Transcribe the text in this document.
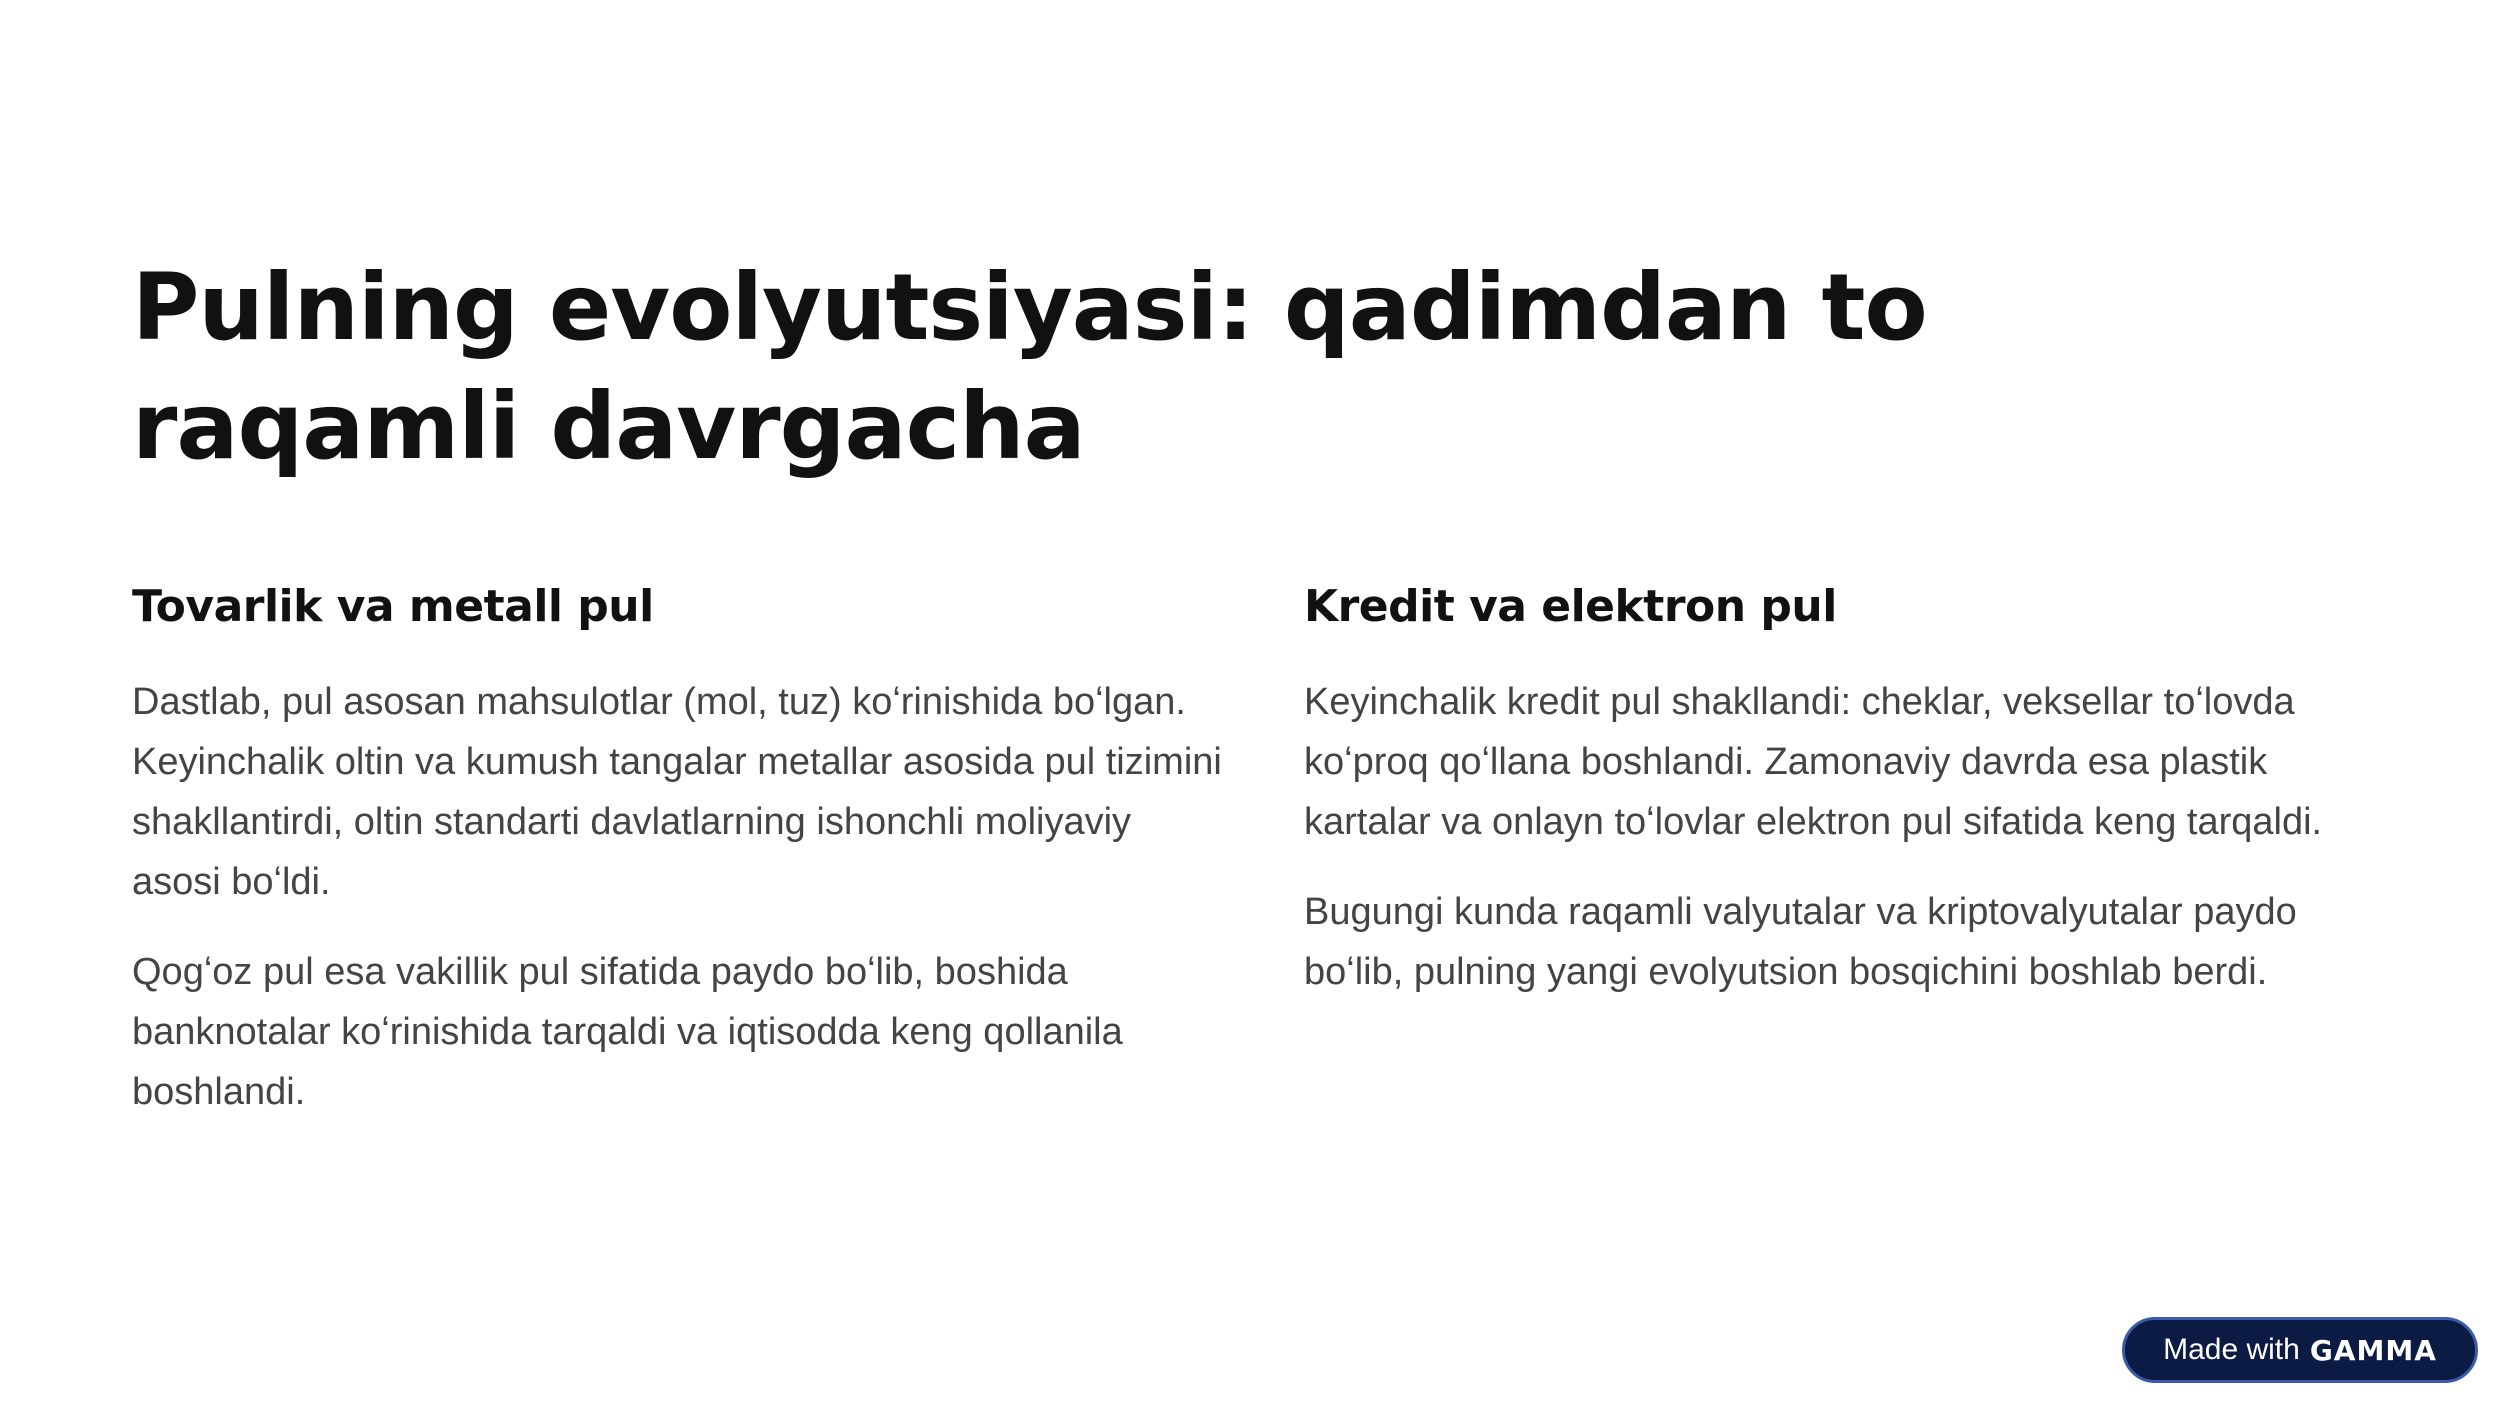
Pulning evolyutsiyasi: qadimdan to raqamli davrgacha
Tovarlik va metall pul

Dastlab, pul asosan mahsulotlar (mol, tuz) koʻrinishida boʻlgan. Keyinchalik oltin va kumush tangalar metallar asosida pul tizimini shakllantirdi, oltin standarti davlatlarning ishonchli moliyaviy asosi boʻldi.

Qogʻoz pul esa vakillik pul sifatida paydo boʻlib, boshida banknotalar koʻrinishida tarqaldi va iqtisodda keng qollanila boshlandi.

Kredit va elektron pul

Keyinchalik kredit pul shakllandi: cheklar, veksellar toʻlovda koʻproq qoʻllana boshlandi. Zamonaviy davrda esa plastik kartalar va onlayn toʻlovlar elektron pul sifatida keng tarqaldi.

Bugungi kunda raqamli valyutalar va kriptovalyutalar paydo boʻlib, pulning yangi evolyutsion bosqichini boshlab berdi.

Made with GAMMA
